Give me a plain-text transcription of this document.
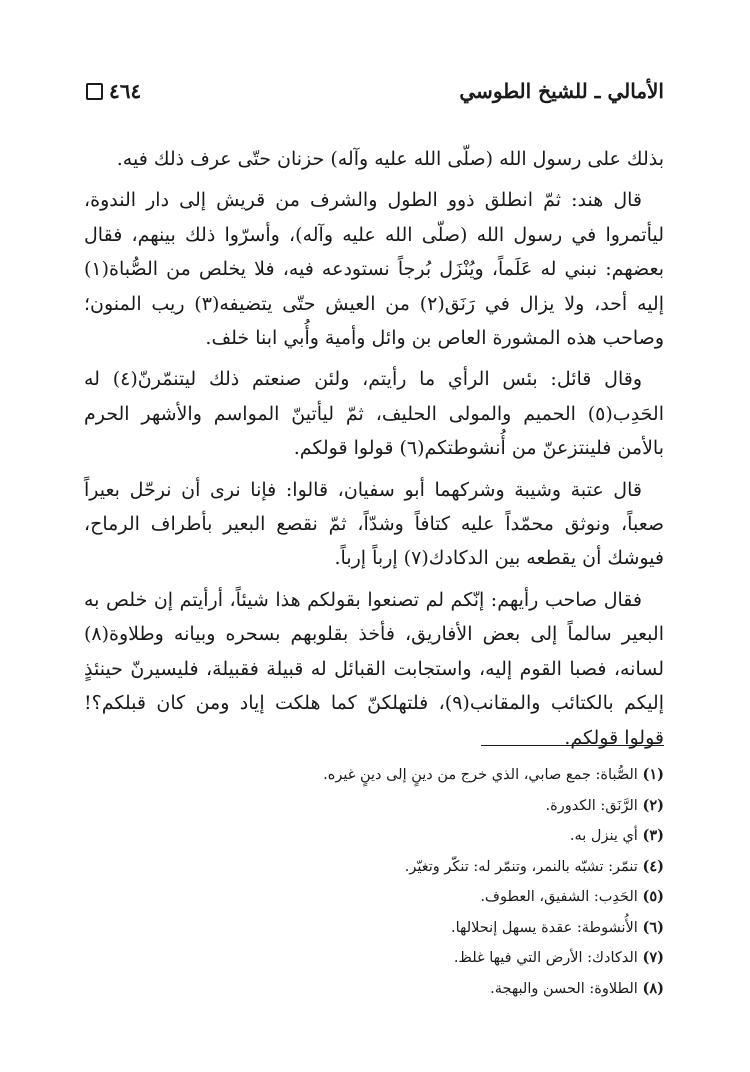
٤٦٤	الأمالي ـ للشيخ الطوسي

بذلك على رسول الله (صلّى الله عليه وآله) حزنان حتّى عرف ذلك فيه.

قال هند: ثمّ انطلق ذوو الطول والشرف من قريش إلى دار الندوة، ليأتمروا في رسول الله (صلّى الله عليه وآله)، وأسرّوا ذلك بينهم، فقال بعضهم: نبني له عَلَماً، ويُنْزَل بُرجاً نستودعه فيه، فلا يخلص من الصُّباة(١) إليه أحد، ولا يزال في رَنَق(٢) من العيش حتّى يتضيفه(٣) ريب المنون؛ وصاحب هذه المشورة العاص بن وائل وأمية وأُبي ابنا خلف.

وقال قائل: بئس الرأي ما رأيتم، ولئن صنعتم ذلك ليتنمّرنّ(٤) له الحَدِب(٥) الحميم والمولى الحليف، ثمّ ليأتينّ المواسم والأشهر الحرم بالأمن فلينتزعنّ من أُنشوطتكم(٦) قولوا قولكم.

قال عتبة وشيبة وشركهما أبو سفيان، قالوا: فإنا نرى أن نرحّل بعيراً صعباً، ونوثق محمّداً عليه كتافاً وشدّاً، ثمّ نقصع البعير بأطراف الرماح، فيوشك أن يقطعه بين الدكادك(٧) إرباً إرباً.

فقال صاحب رأيهم: إنّكم لم تصنعوا بقولكم هذا شيئاً، أرأيتم إن خلص به البعير سالماً إلى بعض الأفاريق، فأخذ بقلوبهم بسحره وبيانه وطلاوة(٨) لسانه، فصبا القوم إليه، واستجابت القبائل له قبيلة فقبيلة، فليسيرنّ حينئذٍ إليكم بالكتائب والمقانب(٩)، فلتهلكنّ كما هلكت إياد ومن كان قبلكم؟! قولوا قولكم.

(١) الصُّباة: جمع صابي، الذي خرج من دينٍ إلى دينٍ غيره.
(٢) الرَّنَق: الكدورة.
(٣) أي ينزل به.
(٤) تنمّر: تشبّه بالنمر، وتنمّر له: تنكّر وتغيّر.
(٥) الحَدِب: الشفيق، العطوف.
(٦) الأُنشوطة: عقدة يسهل إنحلالها.
(٧) الدكادك: الأرض التي فيها غلظ.
(٨) الطلاوة: الحسن والبهجة.
